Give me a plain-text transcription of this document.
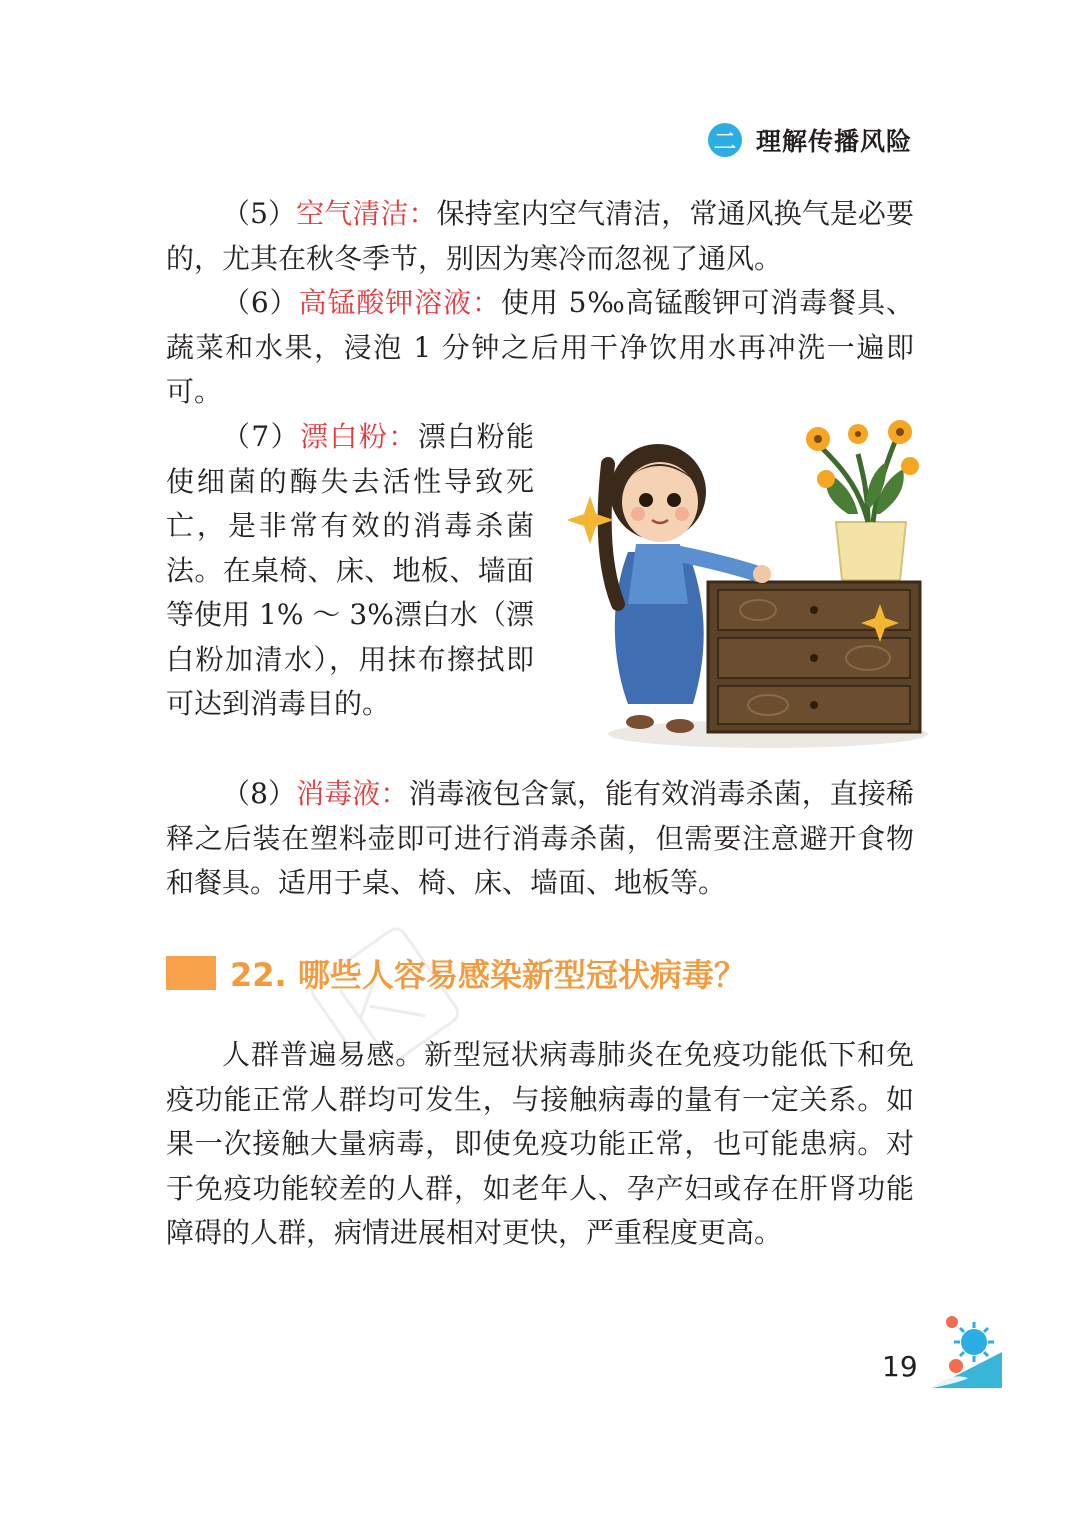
二 理解传播风险

（5）空气清洁：保持室内空气清洁，常通风换气是必要的，尤其在秋冬季节，别因为寒冷而忽视了通风。

（6）高锰酸钾溶液：使用 5‰高锰酸钾可消毒餐具、蔬菜和水果，浸泡 1 分钟之后用干净饮用水再冲洗一遍即可。

（7）漂白粉：漂白粉能使细菌的酶失去活性导致死亡，是非常有效的消毒杀菌法。在桌椅、床、地板、墙面等使用 1% ～ 3%漂白水（漂白粉加清水），用抹布擦拭即可达到消毒目的。

（8）消毒液：消毒液包含氯，能有效消毒杀菌，直接稀释之后装在塑料壶即可进行消毒杀菌，但需要注意避开食物和餐具。适用于桌、椅、床、墙面、地板等。

22. 哪些人容易感染新型冠状病毒？

人群普遍易感。新型冠状病毒肺炎在免疫功能低下和免疫功能正常人群均可发生，与接触病毒的量有一定关系。如果一次接触大量病毒，即使免疫功能正常，也可能患病。对于免疫功能较差的人群，如老年人、孕产妇或存在肝肾功能障碍的人群，病情进展相对更快，严重程度更高。

19
